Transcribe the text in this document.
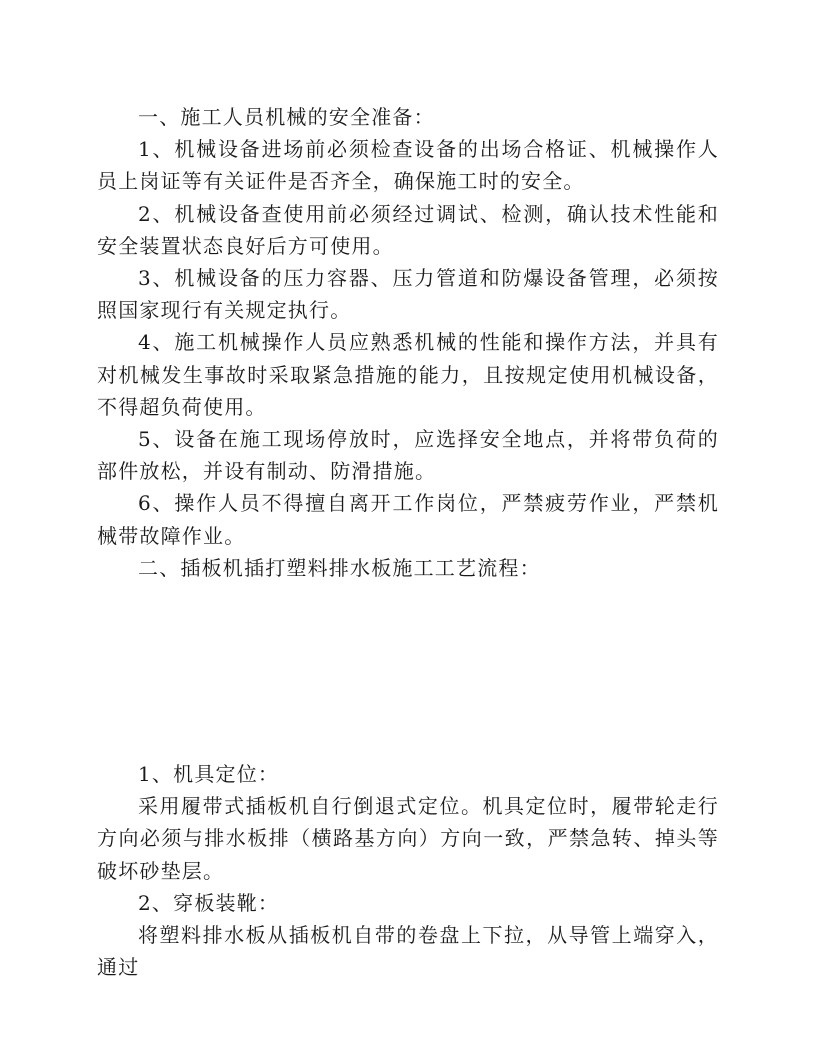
一、施工人员机械的安全准备：

1、机械设备进场前必须检查设备的出场合格证、机械操作人员上岗证等有关证件是否齐全，确保施工时的安全。

2、机械设备查使用前必须经过调试、检测，确认技术性能和安全装置状态良好后方可使用。

3、机械设备的压力容器、压力管道和防爆设备管理，必须按照国家现行有关规定执行。

4、施工机械操作人员应熟悉机械的性能和操作方法，并具有对机械发生事故时采取紧急措施的能力，且按规定使用机械设备，不得超负荷使用。

5、设备在施工现场停放时，应选择安全地点，并将带负荷的部件放松，并设有制动、防滑措施。

6、操作人员不得擅自离开工作岗位，严禁疲劳作业，严禁机械带故障作业。

二、插板机插打塑料排水板施工工艺流程：

1、机具定位：

采用履带式插板机自行倒退式定位。机具定位时，履带轮走行方向必须与排水板排（横路基方向）方向一致，严禁急转、掉头等破坏砂垫层。

2、穿板装靴：

将塑料排水板从插板机自带的卷盘上下拉，从导管上端穿入，通过
